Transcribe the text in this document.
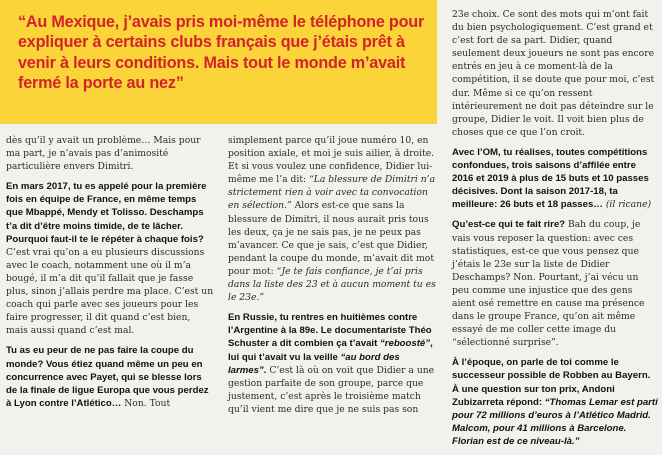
“Au Mexique, j’avais pris moi-même le téléphone pour expliquer à certains clubs français que j’étais prêt à venir à leurs conditions. Mais tout le monde m’avait fermé la porte au nez”

dès qu’il y avait un problème… Mais pour ma part, je n’avais pas d’animosité particulière envers Dimitri.

En mars 2017, tu es appelé pour la première fois en équipe de France, en même temps que Mbappé, Mendy et Tolisso. Deschamps t’a dit d’être moins timide, de te lâcher. Pourquoi faut-il te le répéter à chaque fois? C’est vrai qu’on a eu plusieurs discussions avec le coach, notamment une où il m’a bougé, il m’a dit qu’il fallait que je fasse plus, sinon j’allais perdre ma place. C’est un coach qui parle avec ses joueurs pour les faire progresser, il dit quand c’est bien, mais aussi quand c’est mal.

Tu as eu peur de ne pas faire la coupe du monde? Vous étiez quand même un peu en concurrence avec Payet, qui se blesse lors de la finale de ligue Europa que vous perdez à Lyon contre l’Atlético… Non. Tout

simplement parce qu’il joue numéro 10, en position axiale, et moi je suis ailier, à droite. Et si vous voulez une confidence, Didier lui-même me l’a dit: “La blessure de Dimitri n’a strictement rien à voir avec ta convocation en sélection.” Alors est-ce que sans la blessure de Dimitri, il nous aurait pris tous les deux, ça je ne sais pas, je ne peux pas m’avancer. Ce que je sais, c’est que Didier, pendant la coupe du monde, m’avait dit mot pour mot: “Je te fais confiance, je t’ai pris dans la liste des 23 et à aucun moment tu es le 23e.”

En Russie, tu rentres en huitièmes contre l’Argentine à la 89e. Le documentariste Théo Schuster a dit combien ça t’avait “reboosté”, lui qui t’avait vu la veille “au bord des larmes”. C’est là où on voit que Didier a une gestion parfaite de son groupe, parce que justement, c’est après le troisième match qu’il vient me dire que je ne suis pas son

23e choix. Ce sont des mots qui m’ont fait du bien psychologiquement. C’est grand et c’est fort de sa part. Didier, quand seulement deux joueurs ne sont pas encore entrés en jeu à ce moment-là de la compétition, il se doute que pour moi, c’est dur. Même si ce qu’on ressent intérieurement ne doit pas déteindre sur le groupe, Didier le voit. Il voit bien plus de choses que ce que l’on croit.

Avec l’OM, tu réalises, toutes compétitions confondues, trois saisons d’affilée entre 2016 et 2019 à plus de 15 buts et 10 passes décisives. Dont la saison 2017-18, ta meilleure: 26 buts et 18 passes… (il ricane)

Qu’est-ce qui te fait rire? Bah du coup, je vais vous reposer la question: avec ces statistiques, est-ce que vous pensez que j’étais le 23e sur la liste de Didier Deschamps? Non. Pourtant, j’ai vécu un peu comme une injustice que des gens aient osé remettre en cause ma présence dans le groupe France, qu’on ait même essayé de me coller cette image du “sélectionné surprise”.

À l’époque, on parle de toi comme le successeur possible de Robben au Bayern. À une question sur ton prix, Andoni Zubizarreta répond: “Thomas Lemar est parti pour 72 millions d’euros à l’Atlético Madrid. Malcom, pour 41 millions à Barcelone. Florian est de ce niveau-là.”
